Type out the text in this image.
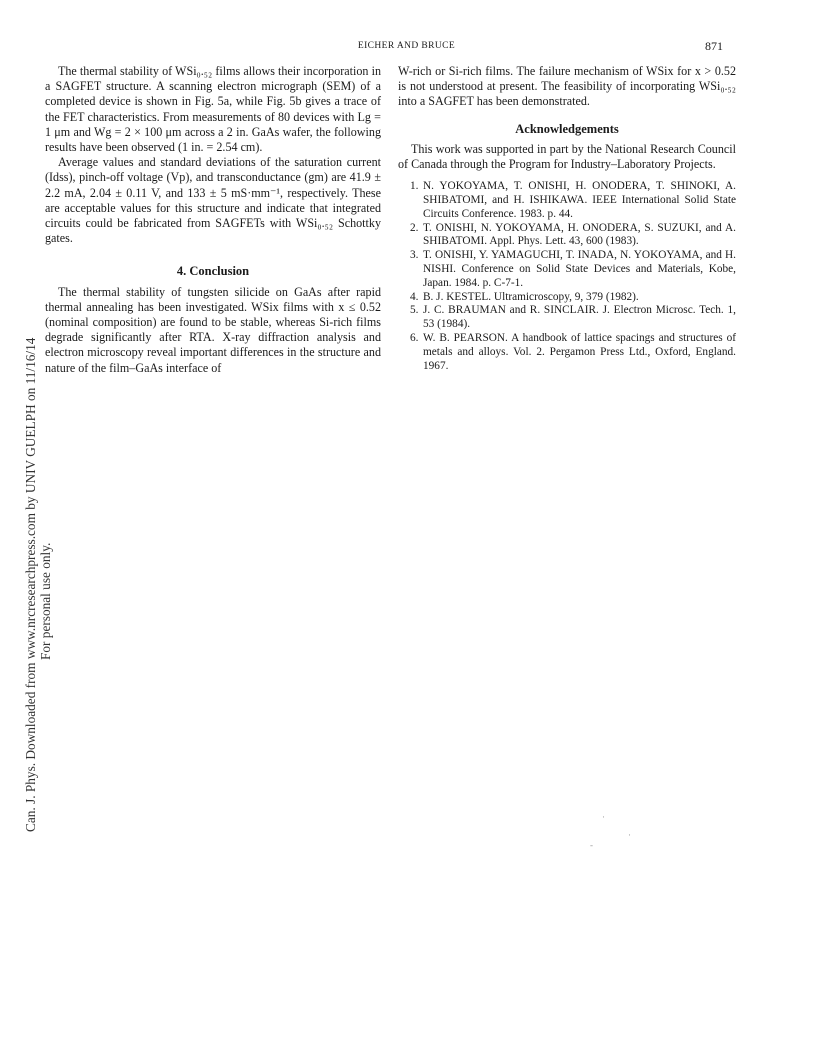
EICHER AND BRUCE	871
Can. J. Phys. Downloaded from www.nrcresearchpress.com by UNIV GUELPH on 11/16/14 For personal use only.

The thermal stability of WSi₀.₅₂ films allows their incorporation in a SAGFET structure. A scanning electron micrograph (SEM) of a completed device is shown in Fig. 5a, while Fig. 5b gives a trace of the FET characteristics. From measurements of 80 devices with Lg = 1 μm and Wg = 2 × 100 μm across a 2 in. GaAs wafer, the following results have been observed (1 in. = 2.54 cm).

Average values and standard deviations of the saturation current (Idss), pinch-off voltage (Vp), and transconductance (gm) are 41.9 ± 2.2 mA, 2.04 ± 0.11 V, and 133 ± 5 mS·mm⁻¹, respectively. These are acceptable values for this structure and indicate that integrated circuits could be fabricated from SAGFETs with WSi₀.₅₂ Schottky gates.

4. Conclusion

The thermal stability of tungsten silicide on GaAs after rapid thermal annealing has been investigated. WSix films with x ≤ 0.52 (nominal composition) are found to be stable, whereas Si-rich films degrade significantly after RTA. X-ray diffraction analysis and electron microscopy reveal important differences in the structure and nature of the film–GaAs interface of

W-rich or Si-rich films. The failure mechanism of WSix for x > 0.52 is not understood at present. The feasibility of incorporating WSi₀.₅₂ into a SAGFET has been demonstrated.

Acknowledgements

This work was supported in part by the National Research Council of Canada through the Program for Industry–Laboratory Projects.

1. N. YOKOYAMA, T. ONISHI, H. ONODERA, T. SHINOKI, A. SHIBATOMI, and H. ISHIKAWA. IEEE International Solid State Circuits Conference. 1983. p. 44.
2. T. ONISHI, N. YOKOYAMA, H. ONODERA, S. SUZUKI, and A. SHIBATOMI. Appl. Phys. Lett. 43, 600 (1983).
3. T. ONISHI, Y. YAMAGUCHI, T. INADA, N. YOKOYAMA, and H. NISHI. Conference on Solid State Devices and Materials, Kobe, Japan. 1984. p. C-7-1.
4. B. J. KESTEL. Ultramicroscopy, 9, 379 (1982).
5. J. C. BRAUMAN and R. SINCLAIR. J. Electron Microsc. Tech. 1, 53 (1984).
6. W. B. PEARSON. A handbook of lattice spacings and structures of metals and alloys. Vol. 2. Pergamon Press Ltd., Oxford, England. 1967.
·
·
-
